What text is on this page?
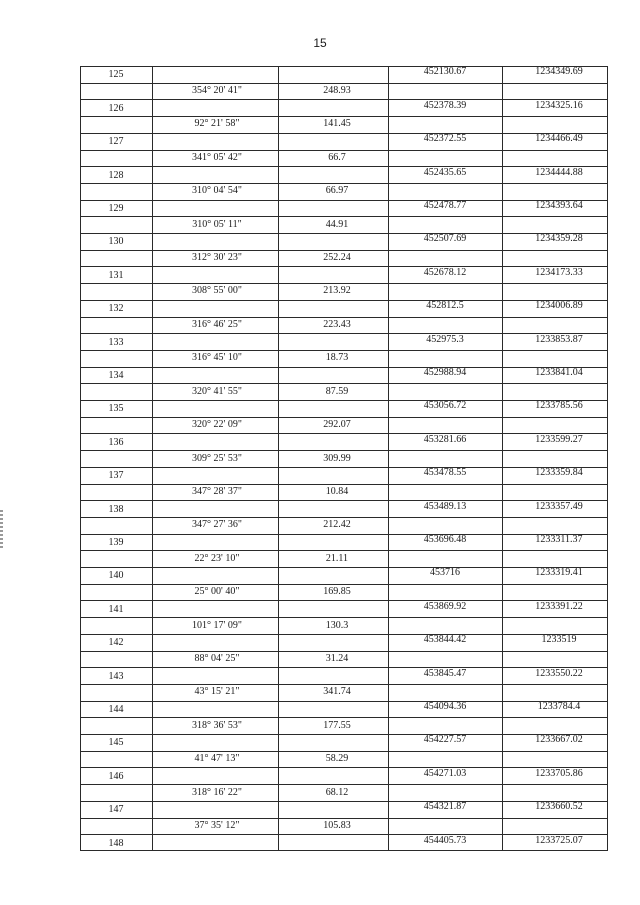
15
125	452130.67	1234349.69
354° 20' 41"	248.93
126	452378.39	1234325.16
92° 21' 58"	141.45
127	452372.55	1234466.49
341° 05' 42"	66.7
128	452435.65	1234444.88
310° 04' 54"	66.97
129	452478.77	1234393.64
310° 05' 11"	44.91
130	452507.69	1234359.28
312° 30' 23"	252.24
131	452678.12	1234173.33
308° 55' 00"	213.92
132	452812.5	1234006.89
316° 46' 25"	223.43
133	452975.3	1233853.87
316° 45' 10"	18.73
134	452988.94	1233841.04
320° 41' 55"	87.59
135	453056.72	1233785.56
320° 22' 09"	292.07
136	453281.66	1233599.27
309° 25' 53"	309.99
137	453478.55	1233359.84
347° 28' 37"	10.84
138	453489.13	1233357.49
347° 27' 36"	212.42
139	453696.48	1233311.37
22° 23' 10"	21.11
140	453716	1233319.41
25° 00' 40"	169.85
141	453869.92	1233391.22
101° 17' 09"	130.3
142	453844.42	1233519
88° 04' 25"	31.24
143	453845.47	1233550.22
43° 15' 21"	341.74
144	454094.36	1233784.4
318° 36' 53"	177.55
145	454227.57	1233667.02
41° 47' 13"	58.29
146	454271.03	1233705.86
318° 16' 22"	68.12
147	454321.87	1233660.52
37° 35' 12"	105.83
148	454405.73	1233725.07
